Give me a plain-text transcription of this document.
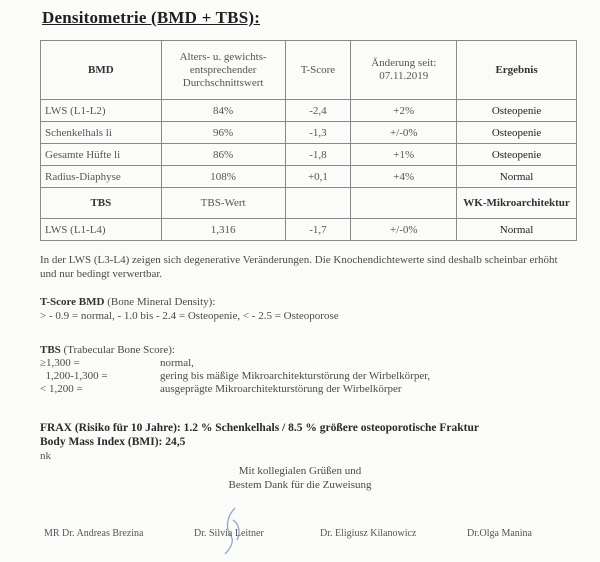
Densitometrie (BMD + TBS):
BMD	Alters- u. gewichts- entsprechender Durchschnittswert	T-Score	Änderung seit: 07.11.2019	Ergebnis
LWS (L1-L2)	84%	-2,4	+2%	Osteopenie
Schenkelhals li	96%	-1,3	+/-0%	Osteopenie
Gesamte Hüfte li	86%	-1,8	+1%	Osteopenie
Radius-Diaphyse	108%	+0,1	+4%	Normal
TBS	TBS-Wert			WK-Mikroarchitektur
LWS (L1-L4)	1,316	-1,7	+/-0%	Normal
In der LWS (L3-L4) zeigen sich degenerative Veränderungen. Die Knochendichtewerte sind deshalb scheinbar erhöht und nur bedingt verwertbar.
T-Score BMD (Bone Mineral Density):
> - 0.9 = normal, - 1.0 bis - 2.4 = Osteopenie, < - 2.5 = Osteoporose
TBS (Trabecular Bone Score):
≥1,300 =	normal,
1,200-1,300 =	gering bis mäßige Mikroarchitekturstörung der Wirbelkörper,
< 1,200 =	ausgeprägte Mikroarchitekturstörung der Wirbelkörper
FRAX (Risiko für 10 Jahre): 1.2 % Schenkelhals / 8.5 % größere osteoporotische Fraktur
Body Mass Index (BMI): 24,5
nk
Mit kollegialen Grüßen und
Bestem Dank für die Zuweisung
MR Dr. Andreas Brezina	Dr. Silvia Leitner	Dr. Eligiusz Kilanowicz	Dr.Olga Manina
